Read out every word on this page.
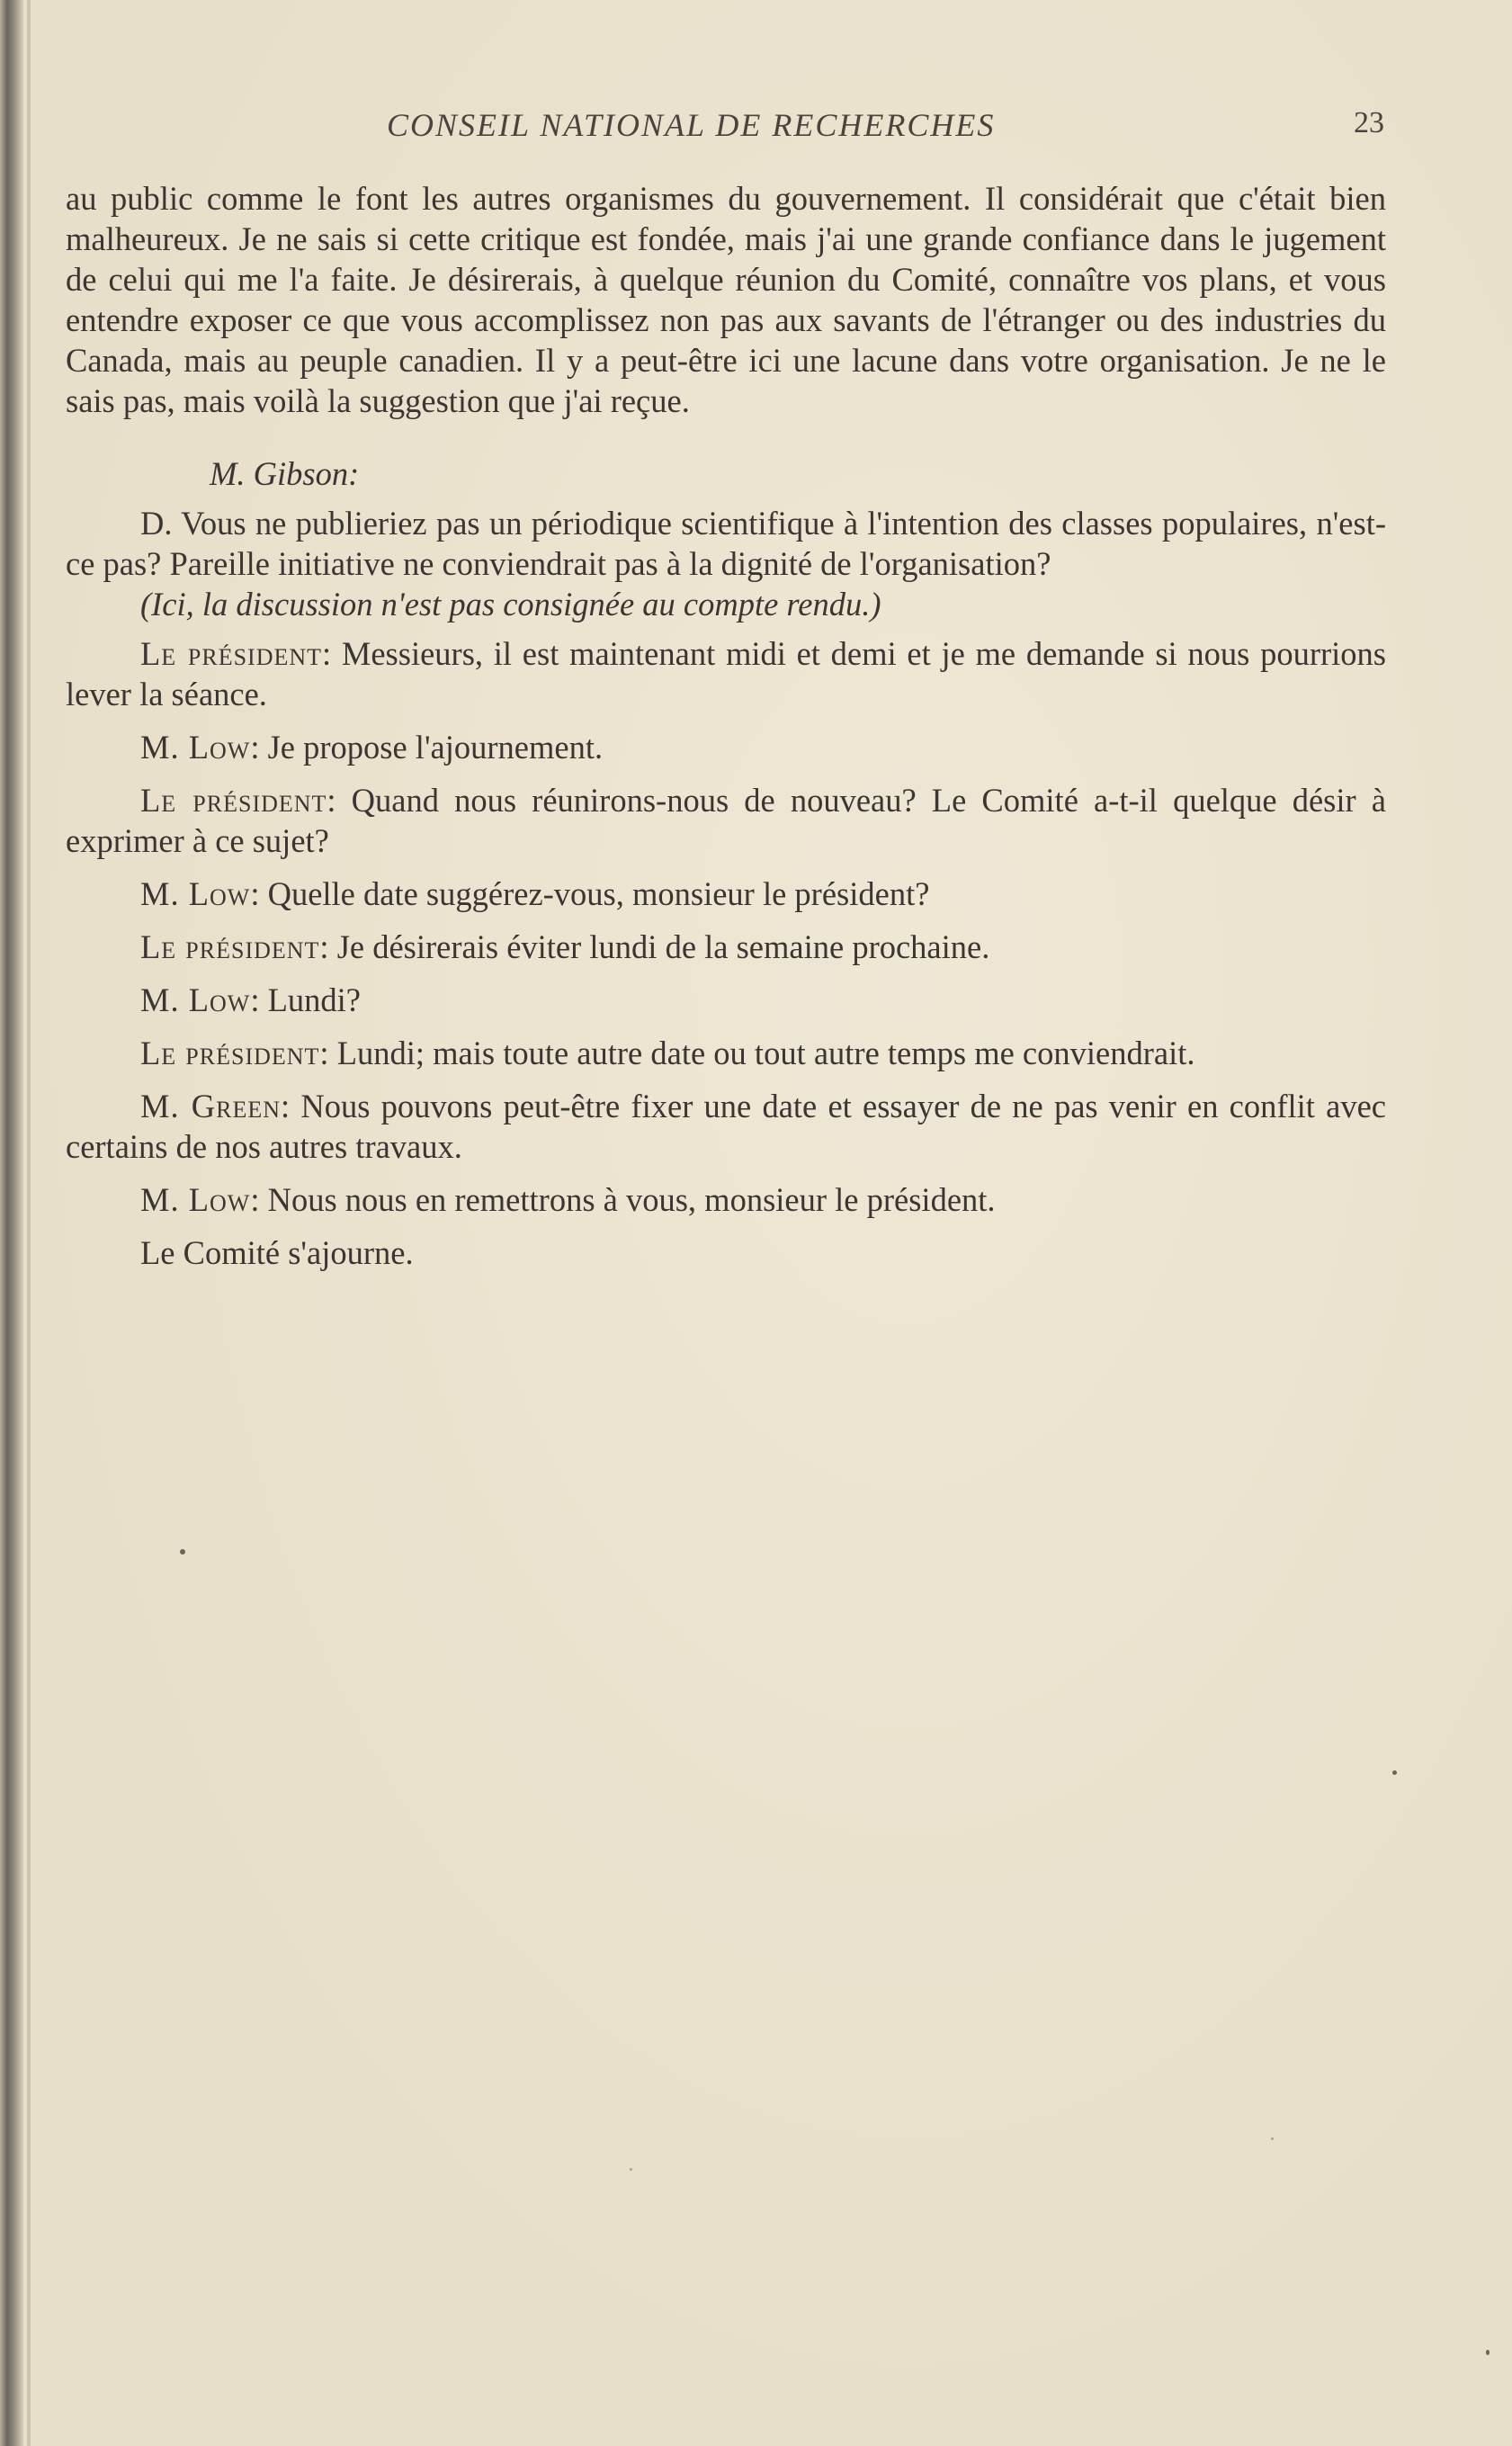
CONSEIL NATIONAL DE RECHERCHES	23

au public comme le font les autres organismes du gouvernement. Il considérait que c'était bien malheureux. Je ne sais si cette critique est fondée, mais j'ai une grande confiance dans le jugement de celui qui me l'a faite. Je désirerais, à quelque réunion du Comité, connaître vos plans, et vous entendre exposer ce que vous accomplissez non pas aux savants de l'étranger ou des industries du Canada, mais au peuple canadien. Il y a peut-être ici une lacune dans votre organisation. Je ne le sais pas, mais voilà la suggestion que j'ai reçue.

M. Gibson:

D. Vous ne publieriez pas un périodique scientifique à l'intention des classes populaires, n'est-ce pas? Pareille initiative ne conviendrait pas à la dignité de l'organisation?

(Ici, la discussion n'est pas consignée au compte rendu.)

Le président: Messieurs, il est maintenant midi et demi et je me demande si nous pourrions lever la séance.

M. Low: Je propose l'ajournement.

Le président: Quand nous réunirons-nous de nouveau? Le Comité a-t-il quelque désir à exprimer à ce sujet?

M. Low: Quelle date suggérez-vous, monsieur le président?

Le président: Je désirerais éviter lundi de la semaine prochaine.

M. Low: Lundi?

Le président: Lundi; mais toute autre date ou tout autre temps me conviendrait.

M. Green: Nous pouvons peut-être fixer une date et essayer de ne pas venir en conflit avec certains de nos autres travaux.

M. Low: Nous nous en remettrons à vous, monsieur le président.

Le Comité s'ajourne.
